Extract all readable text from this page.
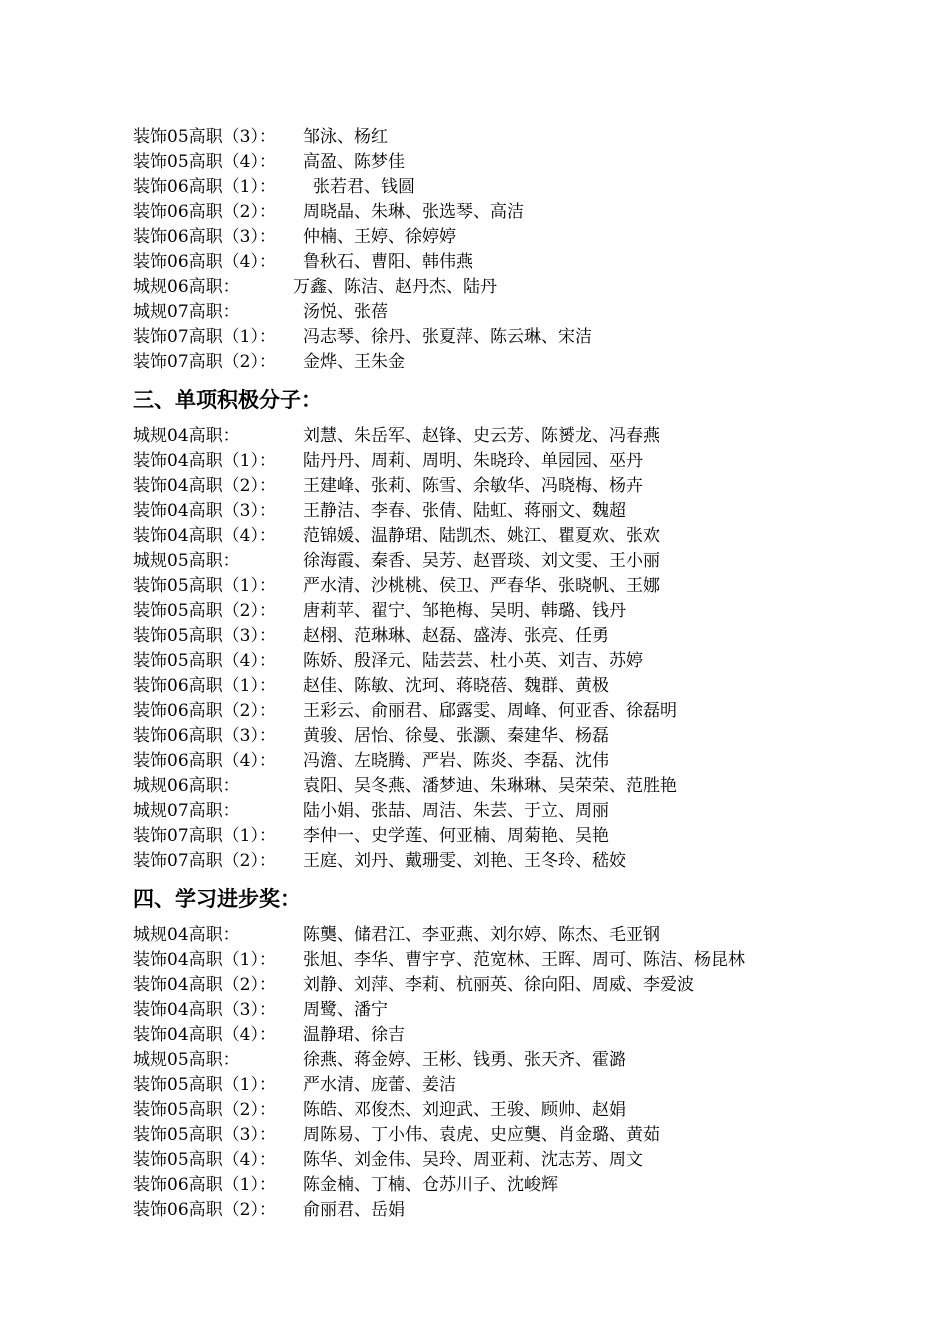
装饰05高职（3）： 邹泳、杨红
装饰05高职（4）： 高盈、陈梦佳
装饰06高职（1）： 张若君、钱圆
装饰06高职（2）： 周晓晶、朱琳、张选琴、高洁
装饰06高职（3）： 仲楠、王婷、徐婷婷
装饰06高职（4）： 鲁秋石、曹阳、韩伟燕
城规06高职：	万鑫、陈洁、赵丹杰、陆丹
城规07高职：	汤悦、张蓓
装饰07高职（1）： 冯志琴、徐丹、张夏萍、陈云琳、宋洁
装饰07高职（2）： 金烨、王朱金
三、单项积极分子：
城规04高职：	刘慧、朱岳军、赵锋、史云芳、陈赟龙、冯春燕
装饰04高职（1）： 陆丹丹、周莉、周明、朱晓玲、单园园、巫丹
装饰04高职（2）： 王建峰、张莉、陈雪、余敏华、冯晓梅、杨卉
装饰04高职（3）： 王静洁、李春、张倩、陆虹、蒋丽文、魏超
装饰04高职（4）： 范锦媛、温静珺、陆凯杰、姚江、瞿夏欢、张欢
城规05高职：	徐海霞、秦香、吴芳、赵晋琰、刘文雯、王小丽
装饰05高职（1）： 严水清、沙桃桃、侯卫、严春华、张晓帆、王娜
装饰05高职（2）： 唐莉苹、翟宁、邹艳梅、吴明、韩璐、钱丹
装饰05高职（3）： 赵栩、范琳琳、赵磊、盛涛、张亮、任勇
装饰05高职（4）： 陈娇、殷泽元、陆芸芸、杜小英、刘吉、苏婷
装饰06高职（1）： 赵佳、陈敏、沈珂、蒋晓蓓、魏群、黄极
装饰06高职（2）： 王彩云、俞丽君、郈露雯、周峰、何亚香、徐磊明
装饰06高职（3）： 黄骏、居怡、徐曼、张灏、秦建华、杨磊
装饰06高职（4）： 冯澹、左晓腾、严岩、陈炎、李磊、沈伟
城规06高职：	袁阳、吴冬燕、潘梦迪、朱琳琳、吴荣荣、范胜艳
城规07高职：	陆小娟、张喆、周洁、朱芸、于立、周丽
装饰07高职（1）： 李仲一、史学莲、何亚楠、周菊艳、吴艳
装饰07高职（2）： 王庭、刘丹、戴珊雯、刘艳、王冬玲、嵇姣
四、学习进步奖：
城规04高职：	陈龑、储君江、李亚燕、刘尔婷、陈杰、毛亚钢
装饰04高职（1）： 张旭、李华、曹宇亨、范宽林、王晖、周可、陈洁、杨昆林
装饰04高职（2）： 刘静、刘萍、李莉、杭丽英、徐向阳、周威、李爱波
装饰04高职（3）： 周鹭、潘宁
装饰04高职（4）： 温静珺、徐吉
城规05高职：	徐燕、蒋金婷、王彬、钱勇、张天齐、霍潞
装饰05高职（1）： 严水清、庞蕾、姜洁
装饰05高职（2）： 陈皓、邓俊杰、刘迎武、王骏、顾帅、赵娟
装饰05高职（3）： 周陈易、丁小伟、袁虎、史应龑、肖金璐、黄茹
装饰05高职（4）： 陈华、刘金伟、吴玲、周亚莉、沈志芳、周文
装饰06高职（1）： 陈金楠、丁楠、仓苏川子、沈峻辉
装饰06高职（2）： 俞丽君、岳娟
